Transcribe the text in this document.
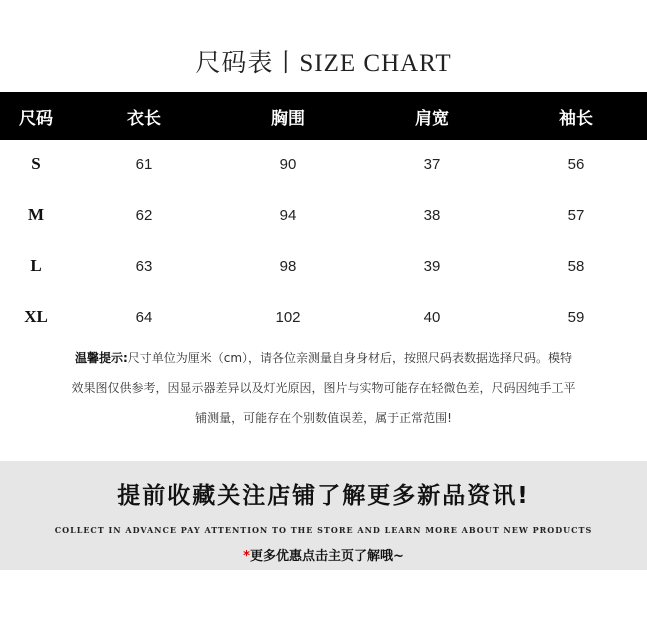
尺码表丨SIZE CHART
尺码	衣长	胸围	肩宽	袖长
S	61	90	37	56
M	62	94	38	57
L	63	98	39	58
XL	64	102	40	59
温馨提示:尺寸单位为厘米（cm），请各位亲测量自身身材后，按照尺码表数据选择尺码。模特
效果图仅供参考，因显示器差异以及灯光原因，图片与实物可能存在轻微色差，尺码因纯手工平
铺测量，可能存在个别数值误差，属于正常范围!
提前收藏关注店铺了解更多新品资讯!
COLLECT IN ADVANCE PAY ATTENTION TO THE STORE AND LEARN MORE ABOUT NEW PRODUCTS
*更多优惠点击主页了解哦~
